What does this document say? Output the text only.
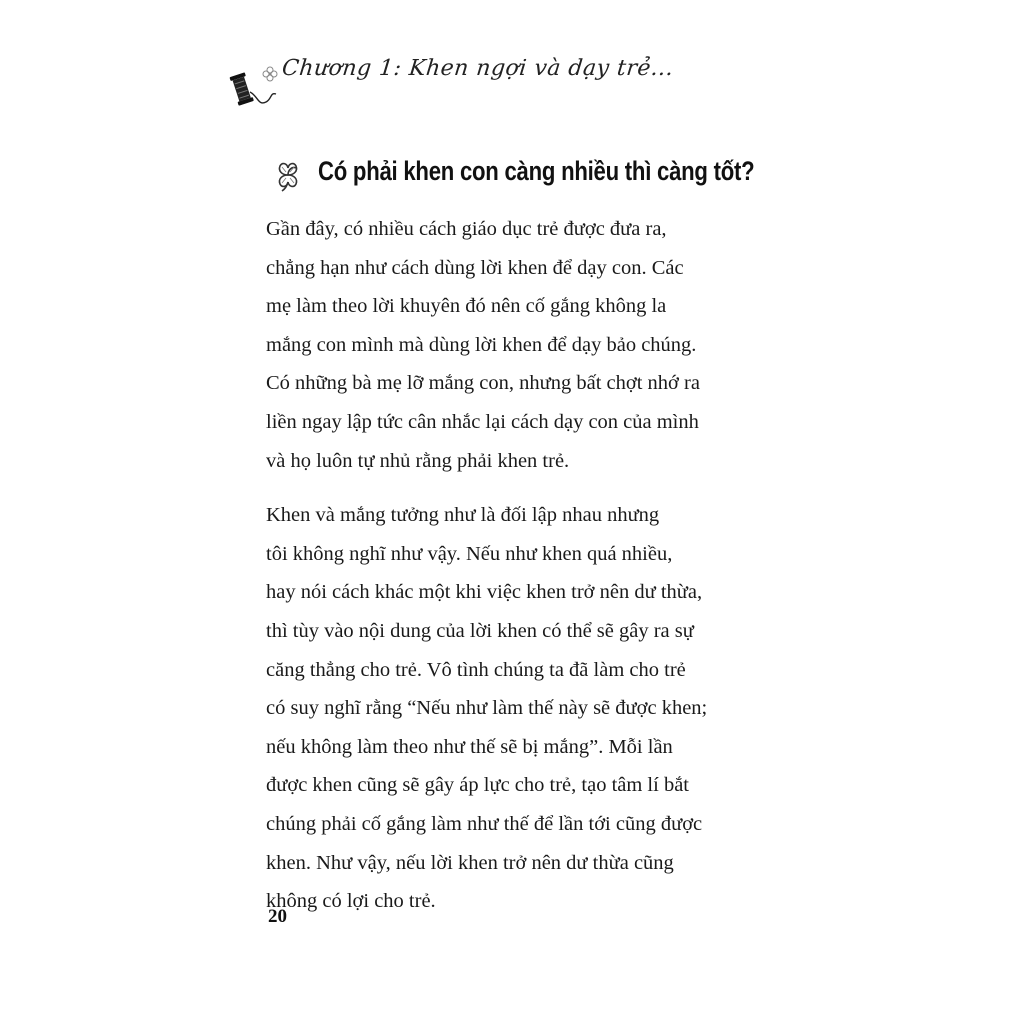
Chương 1: Khen ngợi và dạy trẻ...
Có phải khen con càng nhiều thì càng tốt?

Gần đây, có nhiều cách giáo dục trẻ được đưa ra,
chẳng hạn như cách dùng lời khen để dạy con. Các
mẹ làm theo lời khuyên đó nên cố gắng không la
mắng con mình mà dùng lời khen để dạy bảo chúng.
Có những bà mẹ lỡ mắng con, nhưng bất chợt nhớ ra
liền ngay lập tức cân nhắc lại cách dạy con của mình
và họ luôn tự nhủ rằng phải khen trẻ.

Khen và mắng tưởng như là đối lập nhau nhưng
tôi không nghĩ như vậy. Nếu như khen quá nhiều,
hay nói cách khác một khi việc khen trở nên dư thừa,
thì tùy vào nội dung của lời khen có thể sẽ gây ra sự
căng thẳng cho trẻ. Vô tình chúng ta đã làm cho trẻ
có suy nghĩ rằng “Nếu như làm thế này sẽ được khen;
nếu không làm theo như thế sẽ bị mắng”. Mỗi lần
được khen cũng sẽ gây áp lực cho trẻ, tạo tâm lí bắt
chúng phải cố gắng làm như thế để lần tới cũng được
khen. Như vậy, nếu lời khen trở nên dư thừa cũng
không có lợi cho trẻ.

20
